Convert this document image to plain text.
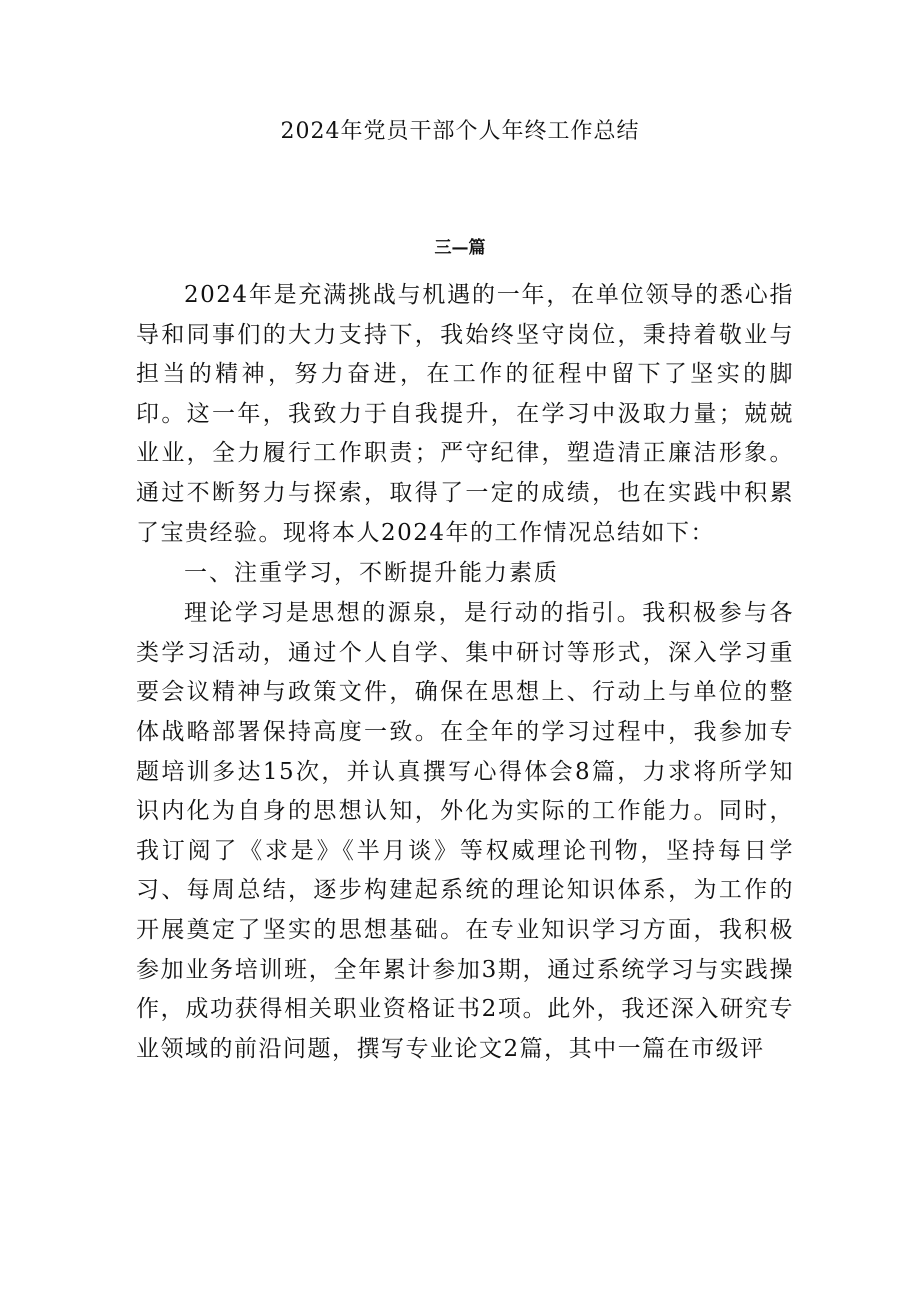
2024年党员干部个人年终工作总结
三—篇

2024年是充满挑战与机遇的一年，在单位领导的悉心指导和同事们的大力支持下，我始终坚守岗位，秉持着敬业与担当的精神，努力奋进，在工作的征程中留下了坚实的脚印。这一年，我致力于自我提升，在学习中汲取力量；兢兢业业，全力履行工作职责；严守纪律，塑造清正廉洁形象。通过不断努力与探索，取得了一定的成绩，也在实践中积累了宝贵经验。现将本人2024年的工作情况总结如下：

一、注重学习，不断提升能力素质

理论学习是思想的源泉，是行动的指引。我积极参与各类学习活动，通过个人自学、集中研讨等形式，深入学习重要会议精神与政策文件，确保在思想上、行动上与单位的整体战略部署保持高度一致。在全年的学习过程中，我参加专题培训多达15次，并认真撰写心得体会8篇，力求将所学知识内化为自身的思想认知，外化为实际的工作能力。同时，我订阅了《求是》《半月谈》等权威理论刊物，坚持每日学习、每周总结，逐步构建起系统的理论知识体系，为工作的开展奠定了坚实的思想基础。在专业知识学习方面，我积极参加业务培训班，全年累计参加3期，通过系统学习与实践操作，成功获得相关职业资格证书2项。此外，我还深入研究专业领域的前沿问题，撰写专业论文2篇，其中一篇在市级评
